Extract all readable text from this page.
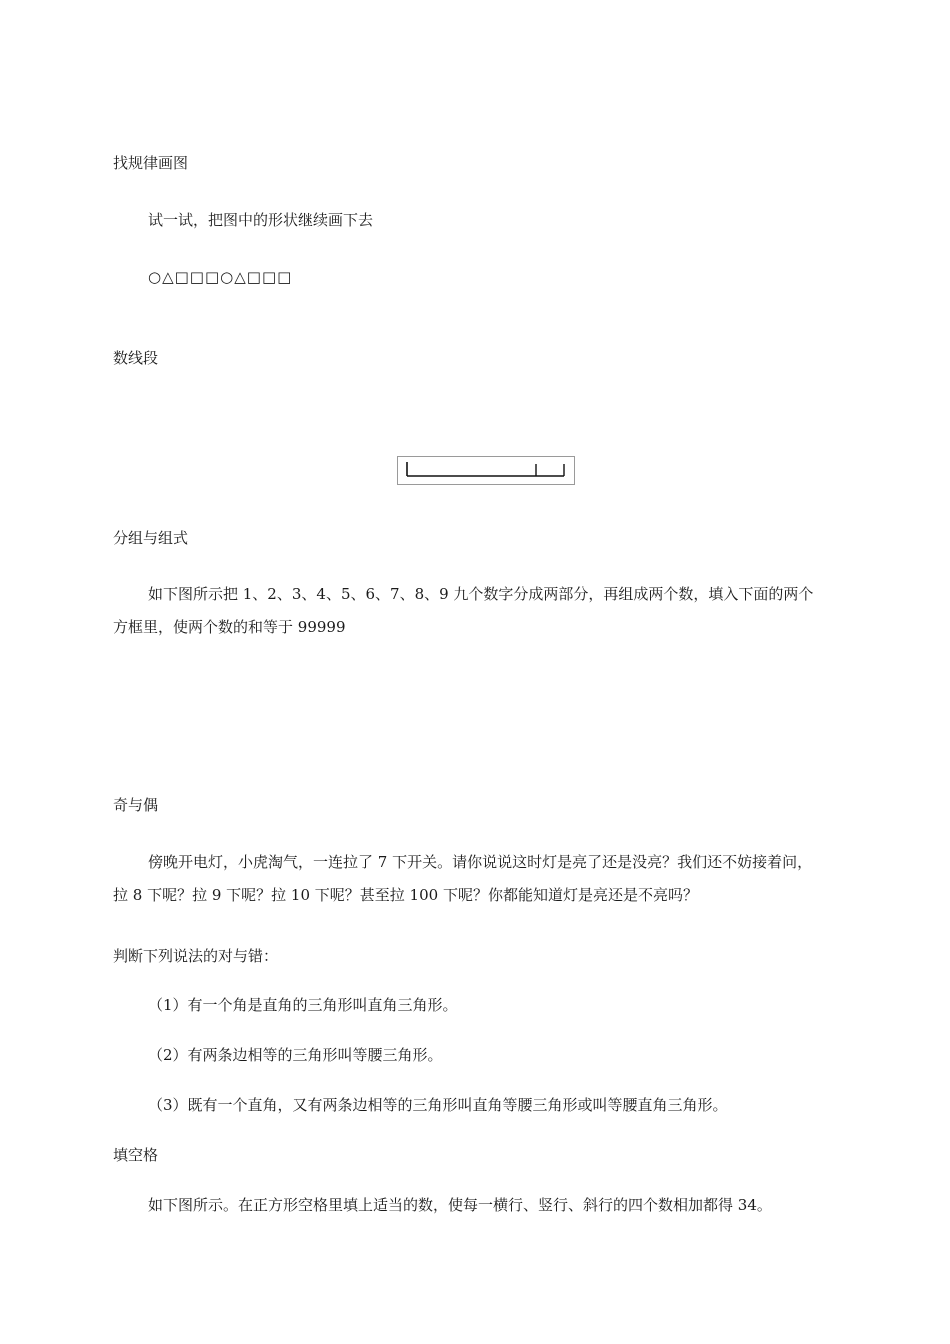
找规律画图
试一试，把图中的形状继续画下去
○△□□□○△□□□
数线段
分组与组式
如下图所示把 1、2、3、4、5、6、7、8、9 九个数字分成两部分，再组成两个数，填入下面的两个
方框里，使两个数的和等于 99999
奇与偶
傍晚开电灯，小虎淘气，一连拉了 7 下开关。请你说说这时灯是亮了还是没亮？我们还不妨接着问，
拉 8 下呢？拉 9 下呢？拉 10 下呢？甚至拉 100 下呢？你都能知道灯是亮还是不亮吗？
判断下列说法的对与错：
（1）有一个角是直角的三角形叫直角三角形。
（2）有两条边相等的三角形叫等腰三角形。
（3）既有一个直角，又有两条边相等的三角形叫直角等腰三角形或叫等腰直角三角形。
填空格
如下图所示。在正方形空格里填上适当的数，使每一横行、竖行、斜行的四个数相加都得 34。
